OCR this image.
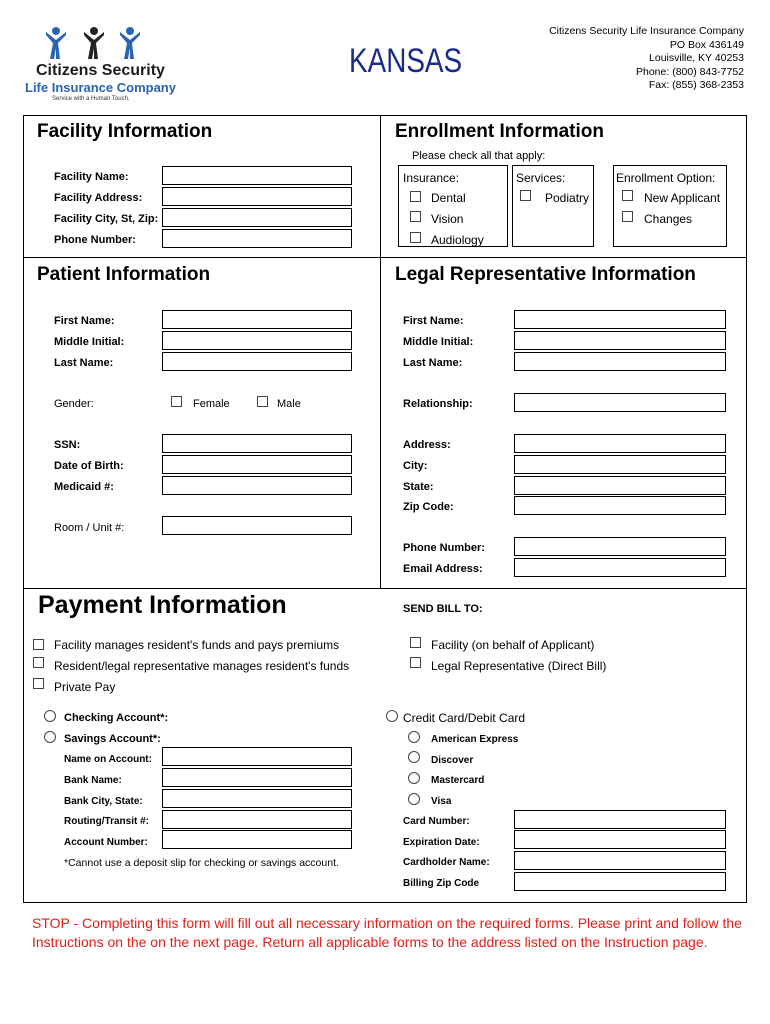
Citizens Security
Life Insurance Company
Service with a Human Touch.
KANSAS
Citizens Security Life Insurance Company
PO Box 436149
Louisville, KY 40253
Phone: (800) 843-7752
Fax: (855) 368-2353
Facility Information
Facility Name:
Facility Address:
Facility City, St, Zip:
Phone Number:
Enrollment Information
Please check all that apply:
Insurance:
Dental
Vision
Audiology
Services:
Podiatry
Enrollment Option:
New Applicant
Changes
Patient Information
First Name:
Middle Initial:
Last Name:
Gender:	Female	Male
SSN:
Date of Birth:
Medicaid #:
Room / Unit #:
Legal Representative Information
First Name:
Middle Initial:
Last Name:
Relationship:
Address:
City:
State:
Zip Code:
Phone Number:
Email Address:
Payment Information	SEND BILL TO:
Facility manages resident's funds and pays premiums
Resident/legal representative manages resident's funds
Private Pay
Facility (on behalf of Applicant)
Legal Representative (Direct Bill)
Checking Account*:
Savings Account*:
Name on Account:
Bank Name:
Bank City, State:
Routing/Transit #:
Account Number:
*Cannot use a deposit slip for checking or savings account.
Credit Card/Debit Card
American Express
Discover
Mastercard
Visa
Card Number:
Expiration Date:
Cardholder Name:
Billing Zip Code
STOP - Completing this form will fill out all necessary information on the required forms. Please print and follow the Instructions on the on the next page. Return all applicable forms to the address listed on the Instruction page.
